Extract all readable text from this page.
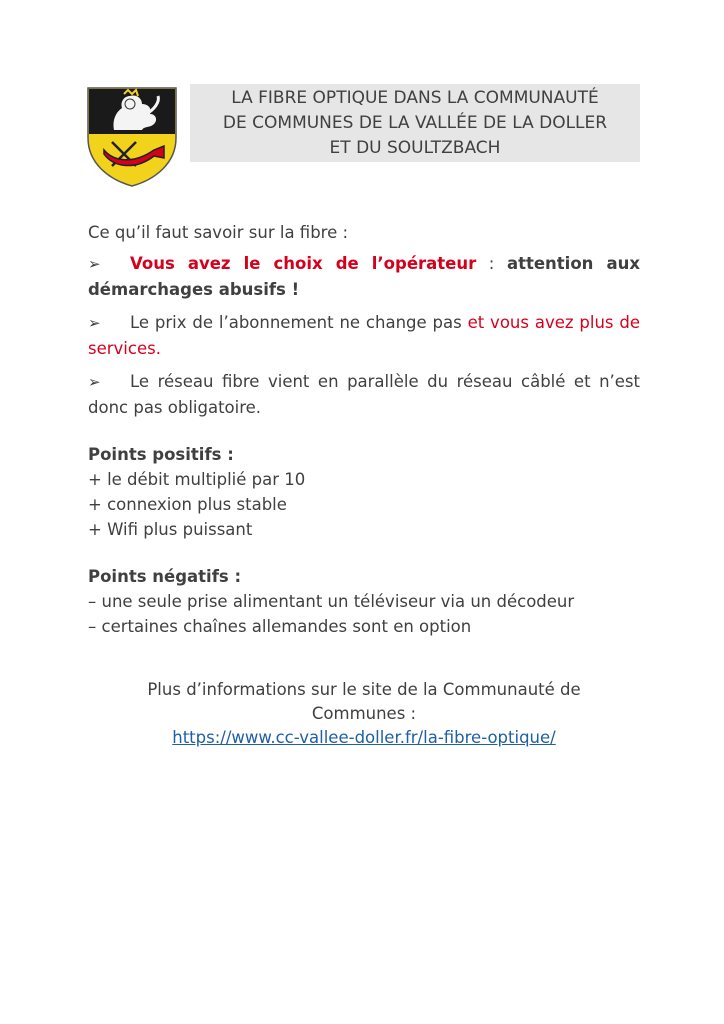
LA FIBRE OPTIQUE DANS LA COMMUNAUTÉ
DE COMMUNES DE LA VALLÉE DE LA DOLLER
ET DU SOULTZBACH

Ce qu’il faut savoir sur la fibre :

➢ Vous avez le choix de l’opérateur : attention aux démarchages abusifs !

➢ Le prix de l’abonnement ne change pas et vous avez plus de services.

➢ Le réseau fibre vient en parallèle du réseau câblé et n’est donc pas obligatoire.

Points positifs :

+ le débit multiplié par 10

+ connexion plus stable

+ Wifi plus puissant

Points négatifs :

– une seule prise alimentant un téléviseur via un décodeur

– certaines chaînes allemandes sont en option

Plus d’informations sur le site de la Communauté de
Communes :
https://www.cc-vallee-doller.fr/la-fibre-optique/
